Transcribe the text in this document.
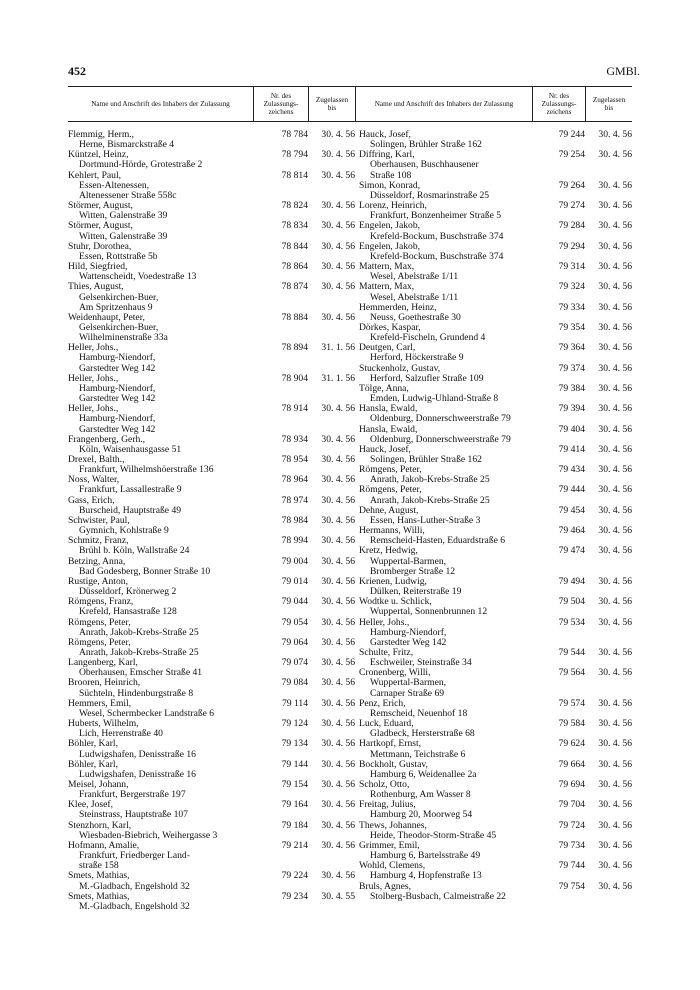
452	GMBl.
Name und Anschrift des Inhabers der Zulassung
Nr. des Zulassungs-zeichens
Zugelassen bis
Flemmig, Herm.,
Herne, Bismarckstraße 4
78 784	30. 4. 56
Küntzel, Heinz,
Dortmund-Hörde, Grotestraße 2
78 794	30. 4. 56
Kehlert, Paul,
Essen-Altenessen,
Altenessener Straße 558c
78 814	30. 4. 56
Störmer, August,
Witten, Galenstraße 39
78 824	30. 4. 56
Störmer, August,
Witten, Galenstraße 39
78 834	30. 4. 56
Stuhr, Dorothea,
Essen, Rottstraße 5b
78 844	30. 4. 56
Hild, Siegfried,
Wattenscheidt, Voedestraße 13
78 864	30. 4. 56
Thies, August,
Gelsenkirchen-Buer,
Am Spritzenhaus 9
78 874	30. 4. 56
Weidenhaupt, Peter,
Gelsenkirchen-Buer,
Wilhelminenstraße 33a
78 884	30. 4. 56
Heller, Johs.,
Hamburg-Niendorf,
Garstedter Weg 142
78 894	31. 1. 56
Heller, Johs.,
Hamburg-Niendorf,
Garstedter Weg 142
78 904	31. 1. 56
Heller, Johs.,
Hamburg-Niendorf,
Garstedter Weg 142
78 914	30. 4. 56
Frangenberg, Gerh.,
Köln, Waisenhausgasse 51
78 934	30. 4. 56
Drexel, Balth.,
Frankfurt, Wilhelmshöerstraße 136
78 954	30. 4. 56
Noss, Walter,
Frankfurt, Lassallestraße 9
78 964	30. 4. 56
Gass, Erich,
Burscheid, Hauptstraße 49
78 974	30. 4. 56
Schwister, Paul,
Gymnich, Kohlstraße 9
78 984	30. 4. 56
Schmitz, Franz,
Brühl b. Köln, Wallstraße 24
78 994	30. 4. 56
Betzing, Anna,
Bad Godesberg, Bonner Straße 10
79 004	30. 4. 56
Rustige, Anton,
Düsseldorf, Krönerweg 2
79 014	30. 4. 56
Römgens, Franz,
Krefeld, Hansastraße 128
79 044	30. 4. 56
Römgens, Peter,
Anrath, Jakob-Krebs-Straße 25
79 054	30. 4. 56
Römgens, Peter,
Anrath, Jakob-Krebs-Straße 25
79 064	30. 4. 56
Langenberg, Karl,
Oberhausen, Emscher Straße 41
79 074	30. 4. 56
Brooren, Heinrich,
Süchteln, Hindenburgstraße 8
79 084	30. 4. 56
Hemmers, Emil,
Wesel, Schermbecker Landstraße 6
79 114	30. 4. 56
Huberts, Wilhelm,
Lich, Herrenstraße 40
79 124	30. 4. 56
Böhler, Karl,
Ludwigshafen, Denisstraße 16
79 134	30. 4. 56
Böhler, Karl,
Ludwigshafen, Denisstraße 16
79 144	30. 4. 56
Meisel, Johann,
Frankfurt, Bergerstraße 197
79 154	30. 4. 56
Klee, Josef,
Steinstrass, Hauptstraße 107
79 164	30. 4. 56
Stenzhorn, Karl,
Wiesbaden-Biebrich, Weihergasse 3
79 184	30. 4. 56
Hofmann, Amalie,
Frankfurt, Friedberger Land-
straße 158
79 214	30. 4. 56
Smets, Mathias,
M.-Gladbach, Engelshold 32
79 224	30. 4. 56
Smets, Mathias,
M.-Gladbach, Engelshold 32
79 234	30. 4. 55
Name und Anschrift des Inhabers der Zulassung
Nr. des Zulassungs-zeichens
Zugelassen bis
Hauck, Josef,
Solingen, Brühler Straße 162
79 244	30. 4. 56
Diffring, Karl,
Oberhausen, Buschhausener
Straße 108
79 254	30. 4. 56
Simon, Konrad,
Düsseldorf, Rosmarinstraße 25
79 264	30. 4. 56
Lorenz, Heinrich,
Frankfurt, Bonzenheimer Straße 5
79 274	30. 4. 56
Engelen, Jakob,
Krefeld-Bockum, Buschstraße 374
79 284	30. 4. 56
Engelen, Jakob,
Krefeld-Bockum, Buschstraße 374
79 294	30. 4. 56
Mattern, Max,
Wesel, Abelstraße 1/11
79 314	30. 4. 56
Mattern, Max,
Wesel, Abelstraße 1/11
79 324	30. 4. 56
Hemmerden, Heinz,
Neuss, Goethestraße 30
79 334	30. 4. 56
Dörkes, Kaspar,
Krefeld-Fischeln, Grundend 4
79 354	30. 4. 56
Deutgen, Carl,
Herford, Höckerstraße 9
79 364	30. 4. 56
Stuckenholz, Gustav,
Herford, Salzufler Straße 109
79 374	30. 4. 56
Tölge, Anna,
Emden, Ludwig-Uhland-Straße 8
79 384	30. 4. 56
Hansla, Ewald,
Oldenburg, Donnerschweerstraße 79
79 394	30. 4. 56
Hansla, Ewald,
Oldenburg, Donnerschweerstraße 79
79 404	30. 4. 56
Hauck, Josef,
Solingen, Brühler Straße 162
79 414	30. 4. 56
Römgens, Peter,
Anrath, Jakob-Krebs-Straße 25
79 434	30. 4. 56
Römgens, Peter,
Anrath, Jakob-Krebs-Straße 25
79 444	30. 4. 56
Dehne, August,
Essen, Hans-Luther-Straße 3
79 454	30. 4. 56
Hermanns, Willi,
Remscheid-Hasten, Eduardstraße 6
79 464	30. 4. 56
Kretz, Hedwig,
Wuppertal-Barmen,
Bromberger Straße 12
79 474	30. 4. 56
Krienen, Ludwig,
Dülken, Reiterstraße 19
79 494	30. 4. 56
Wodtke u. Schlick,
Wuppertal, Sonnenbrunnen 12
79 504	30. 4. 56
Heller, Johs.,
Hamburg-Niendorf,
Garstedter Weg 142
79 534	30. 4. 56
Schulte, Fritz,
Eschweiler, Steinstraße 34
79 544	30. 4. 56
Cronenberg, Willi,
Wuppertal-Barmen,
Carnaper Straße 69
79 564	30. 4. 56
Penz, Erich,
Remscheid, Neuenhof 18
79 574	30. 4. 56
Luck, Eduard,
Gladbeck, Hersterstraße 68
79 584	30. 4. 56
Hartkopf, Ernst,
Mettmann, Teichstraße 6
79 624	30. 4. 56
Bockholt, Gustav,
Hamburg 6, Weidenallee 2a
79 664	30. 4. 56
Scholz, Otto,
Rothenburg, Am Wasser 8
79 694	30. 4. 56
Freitag, Julius,
Hamburg 20, Moorweg 54
79 704	30. 4. 56
Thews, Johannes,
Heide, Theodor-Storm-Straße 45
79 724	30. 4. 56
Grimmer, Emil,
Hamburg 6, Bartelsstraße 49
79 734	30. 4. 56
Wohld, Clemens,
Hamburg 4, Hopfenstraße 13
79 744	30. 4. 56
Bruls, Agnes,
Stolberg-Busbach, Calmeistraße 22
79 754	30. 4. 56
